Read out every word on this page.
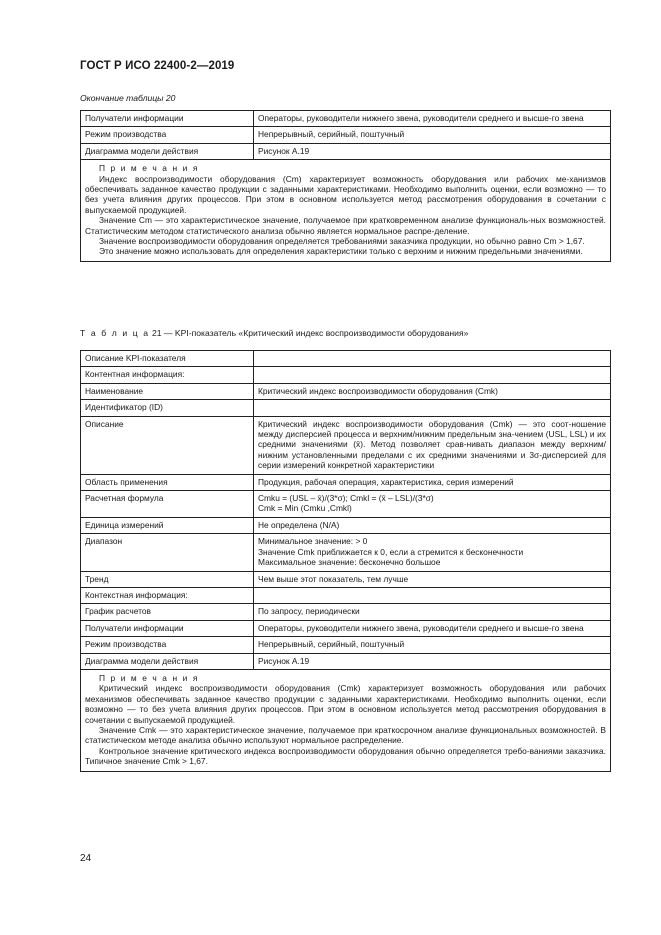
ГОСТ Р ИСО 22400-2—2019
Окончание таблицы 20
Получатели информации	Операторы, руководители нижнего звена, руководители среднего и высше-го звена
Режим производства	Непрерывный, серийный, поштучный
Диаграмма модели действия	Рисунок А.19

П р и м е ч а н и я
Индекс воспроизводимости оборудования (Cm) характеризует возможность оборудования или рабочих ме-ханизмов обеспечивать заданное качество продукции с заданными характеристиками. Необходимо выполнить оценки, если возможно — то без учета влияния других процессов. При этом в основном используется метод рассмотрения оборудования в сочетании с выпускаемой продукцией.
Значение Cm — это характеристическое значение, получаемое при кратковременном анализе функциональ-ных возможностей. Статистическим методом статистического анализа обычно является нормальное распре-деление.
Значение воспроизводимости оборудования определяется требованиями заказчика продукции, но обычно равно Cm > 1,67.
Это значение можно использовать для определения характеристики только с верхним и нижним предельными значениями.	
Т а б л и ц а 21 — KPI-показатель «Критический индекс воспроизводимости оборудования»
Описание KPI-показателя	
Контентная информация:	
Наименование	Критический индекс воспроизводимости оборудования (Cmk)
Идентификатор (ID)	
Описание	Критический индекс воспроизводимости оборудования (Cmk) — это соот-ношение между дисперсией процесса и верхним/нижним предельным зна-чением (USL, LSL) и их средними значениями (x̄). Метод позволяет срав-нивать диапазон между верхним/нижним установленными пределами с их средними значениями и 3σ-дисперсией для серии измерений конкретной характеристики

Область применения	Продукция, рабочая операция, характеристика, серия измерений
Расчетная формула	Cmku = (USL – x̄)/(3*σ); Cmkl = (x̄ – LSL)/(3*σ)
Cmk = Min (Cmku ,Cmkl)

Единица измерений	Не определена (N/A)
Диапазон	Минимальное значение: > 0
Значение Cmk приближается к 0, если а стремится к бесконечности
Максимальное значение: бесконечно большое

Тренд	Чем выше этот показатель, тем лучше
Контекстная информация:	
График расчетов	По запросу, периодически
Получатели информации	Операторы, руководители нижнего звена, руководители среднего и высше-го звена
Режим производства	Непрерывный, серийный, поштучный
Диаграмма модели действия	Рисунок А.19

П р и м е ч а н и я
Критический индекс воспроизводимости оборудования (Cmk) характеризует возможность оборудования или рабочих механизмов обеспечивать заданное качество продукции с заданными характеристиками. Необходимо выполнить оценки, если возможно — то без учета влияния других процессов. При этом в основном используется метод рассмотрения оборудования в сочетании с выпускаемой продукцией.
Значение Cmk — это характеристическое значение, получаемое при краткосрочном анализе функциональных возможностей. В статистическом методе анализа обычно используют нормальное распределение.
Контрольное значение критического индекса воспроизводимости оборудования обычно определяется требо-ваниями заказчика. Типичное значение Cmk > 1,67.	
24
